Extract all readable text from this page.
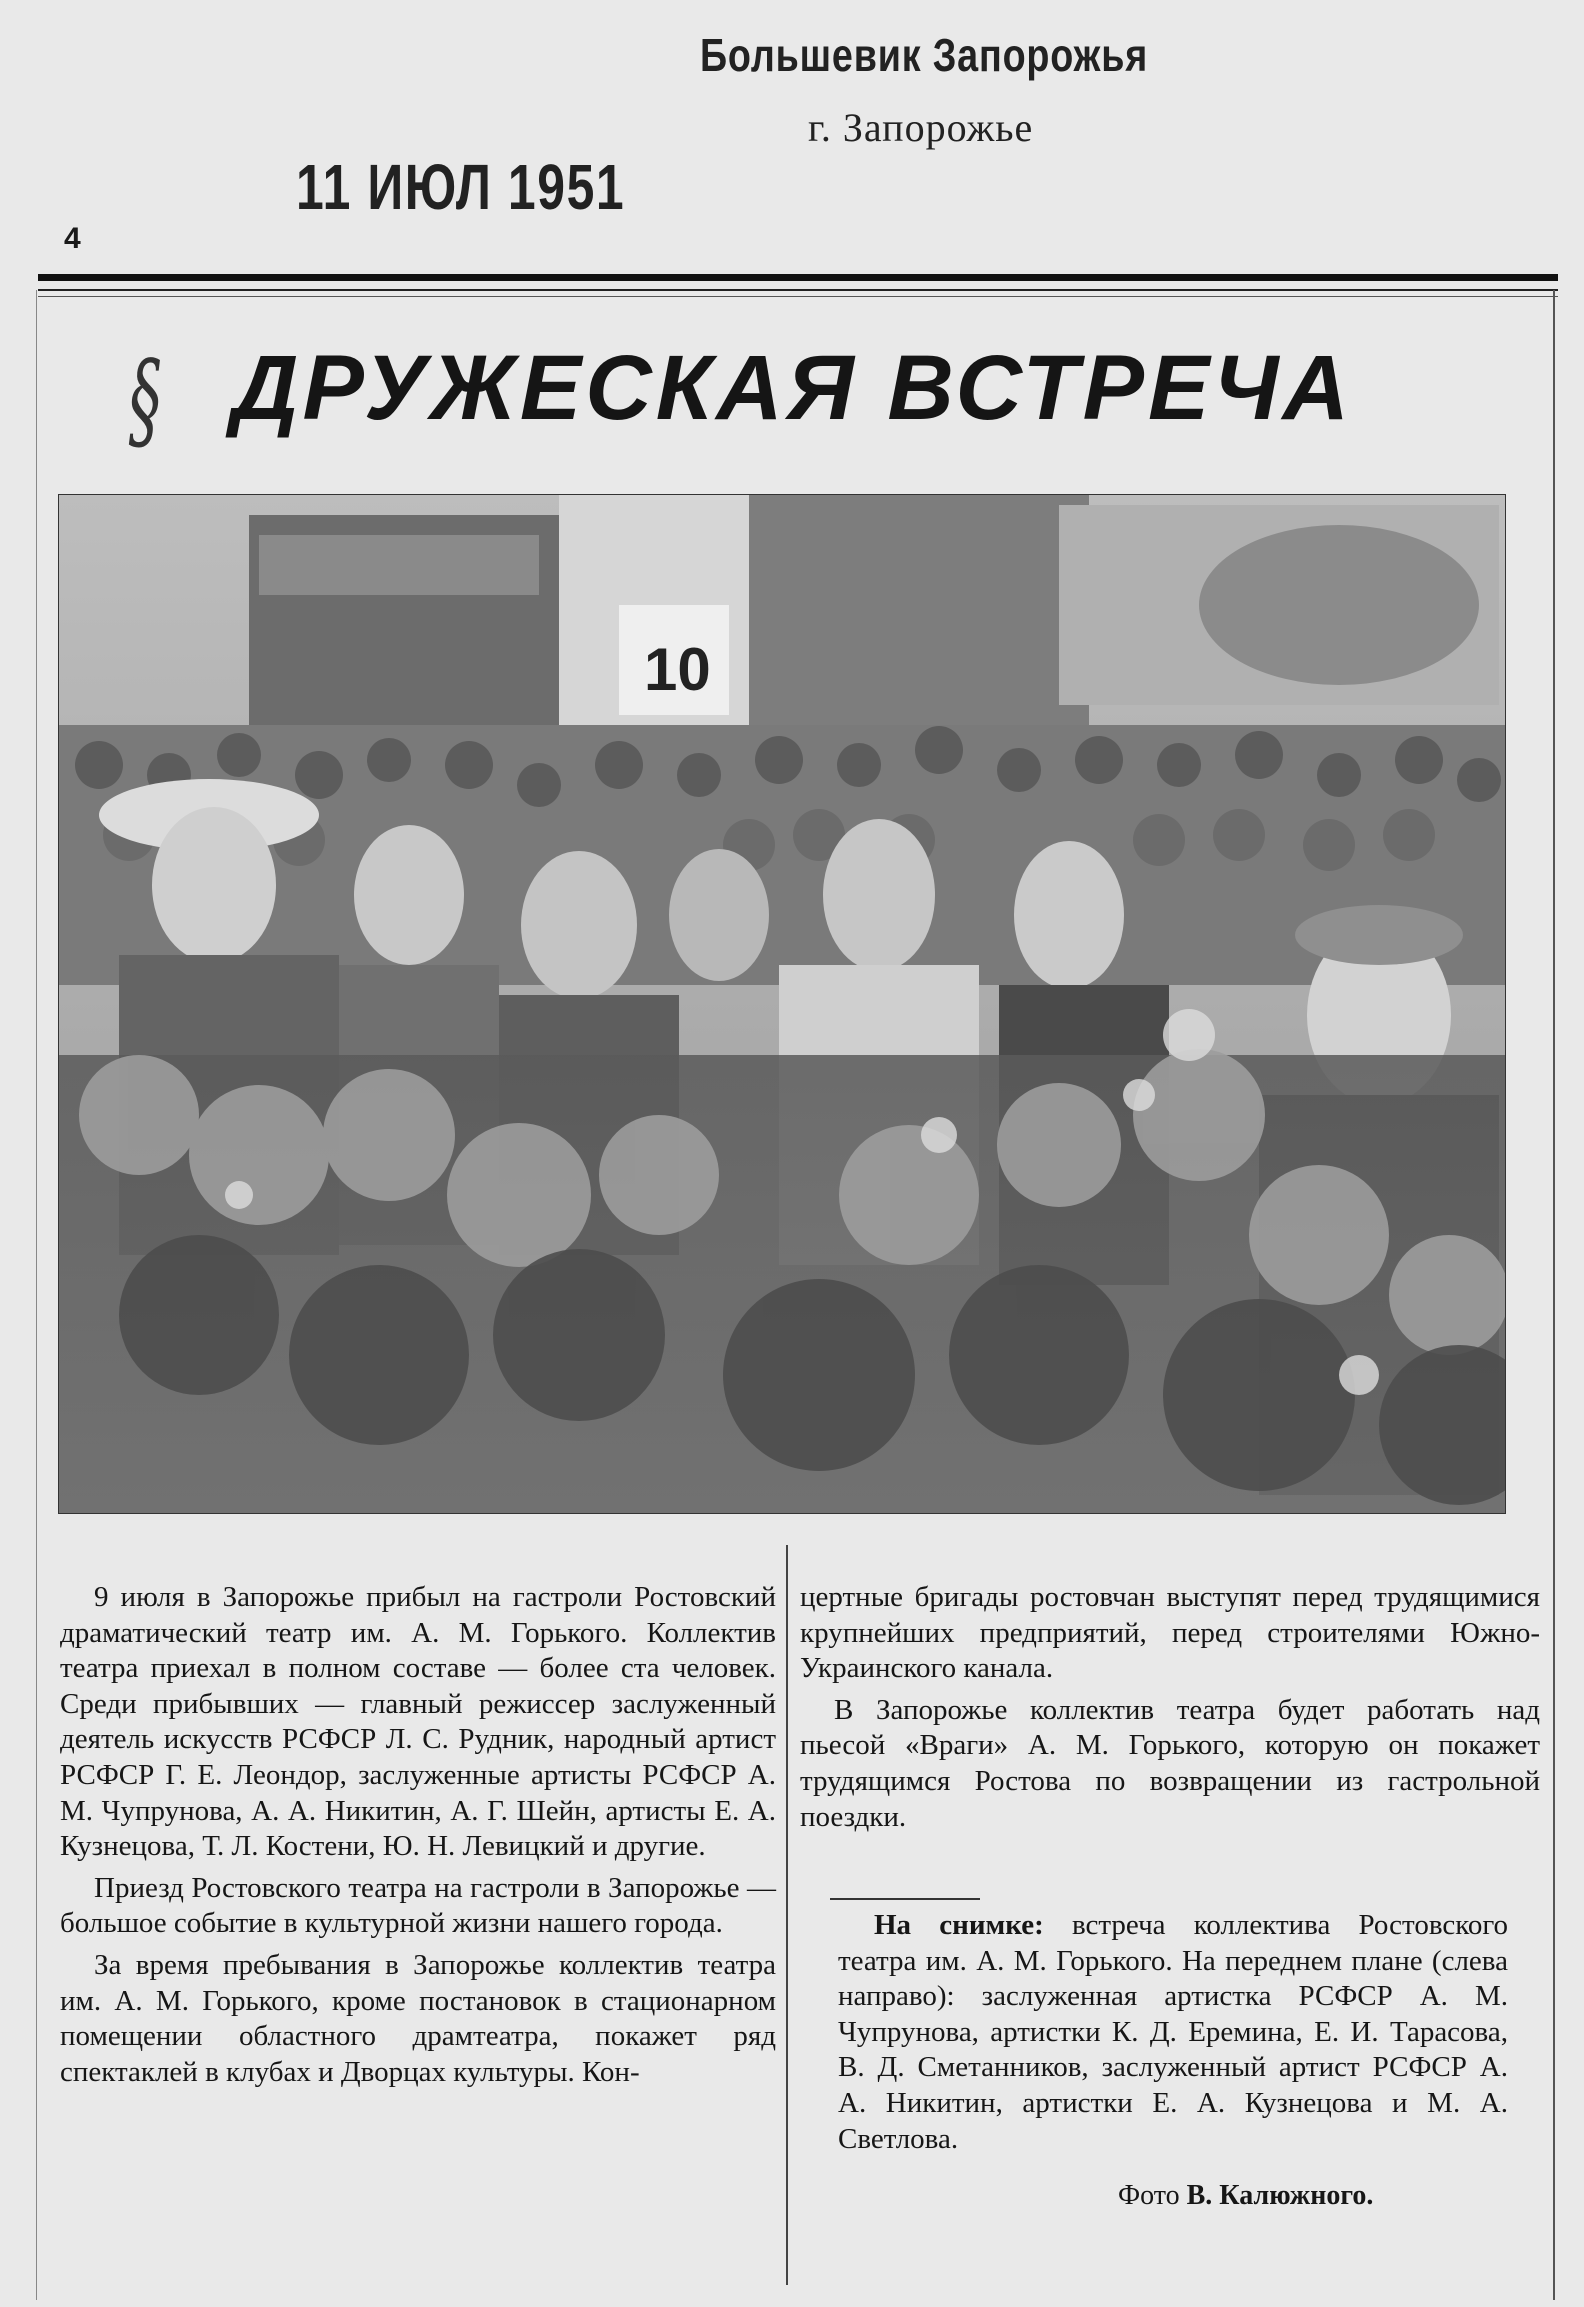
Большевик Запорожья
г. Запорожье
11 ИЮЛ 1951
4
§ ДРУЖЕСКАЯ ВСТРЕЧА
10

9 июля в Запорожье прибыл на гастроли Ростовский драматический театр им. А. М. Горького. Коллектив театра приехал в полном составе — более ста человек. Среди прибывших — главный режиссер заслуженный деятель искусств РСФСР Л. С. Рудник, народный артист РСФСР Г. Е. Леондор, заслуженные артисты РСФСР А. М. Чупрунова, А. А. Никитин, А. Г. Шейн, артисты Е. А. Кузнецова, Т. Л. Костени, Ю. Н. Левицкий и другие.

Приезд Ростовского театра на гастроли в Запорожье — большое событие в культурной жизни нашего города.

За время пребывания в Запорожье коллектив театра им. А. М. Горького, кроме постановок в стационарном помещении областного драмтеатра, покажет ряд спектаклей в клубах и Дворцах культуры. Кон-

цертные бригады ростовчан выступят перед трудящимися крупнейших предприятий, перед строителями Южно-Украинского канала.

В Запорожье коллектив театра будет работать над пьесой «Враги» А. М. Горького, которую он покажет трудящимся Ростова по возвращении из гастрольной поездки.

На снимке: встреча коллектива Ростовского театра им. А. М. Горького. На переднем плане (слева направо): заслуженная артистка РСФСР А. М. Чупрунова, артистки К. Д. Еремина, Е. И. Тарасова, В. Д. Сметанников, заслуженный артист РСФСР А. А. Никитин, артистки Е. А. Кузнецова и М. А. Светлова.
Фото В. Калюжного.
